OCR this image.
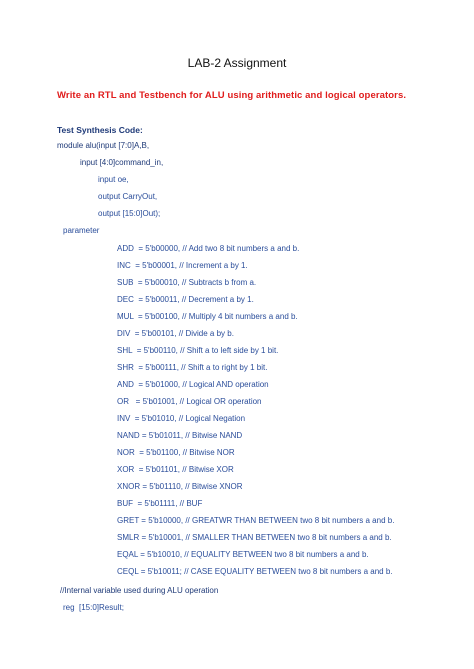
LAB-2 Assignment
Write an RTL and Testbench for ALU using arithmetic and logical operators.
Test Synthesis Code:
module alu(input [7:0]A,B,
input [4:0]command_in,
input oe,
output CarryOut,
output [15:0]Out);
parameter
ADD  = 5'b00000, // Add two 8 bit numbers a and b.
INC  = 5'b00001, // Increment a by 1.
SUB  = 5'b00010, // Subtracts b from a.
DEC  = 5'b00011, // Decrement a by 1.
MUL  = 5'b00100, // Multiply 4 bit numbers a and b.
DIV  = 5'b00101, // Divide a by b.
SHL  = 5'b00110, // Shift a to left side by 1 bit.
SHR  = 5'b00111, // Shift a to right by 1 bit.
AND  = 5'b01000, // Logical AND operation
OR   = 5'b01001, // Logical OR operation
INV  = 5'b01010, // Logical Negation
NAND = 5'b01011, // Bitwise NAND
NOR  = 5'b01100, // Bitwise NOR
XOR  = 5'b01101, // Bitwise XOR
XNOR = 5'b01110, // Bitwise XNOR
BUF  = 5'b01111, // BUF
GRET = 5'b10000, // GREATWR THAN BETWEEN two 8 bit numbers a and b.
SMLR = 5'b10001, // SMALLER THAN BETWEEN two 8 bit numbers a and b.
EQAL = 5'b10010, // EQUALITY BETWEEN two 8 bit numbers a and b.
CEQL = 5'b10011; // CASE EQUALITY BETWEEN two 8 bit numbers a and b.
//Internal variable used during ALU operation
reg  [15:0]Result;
